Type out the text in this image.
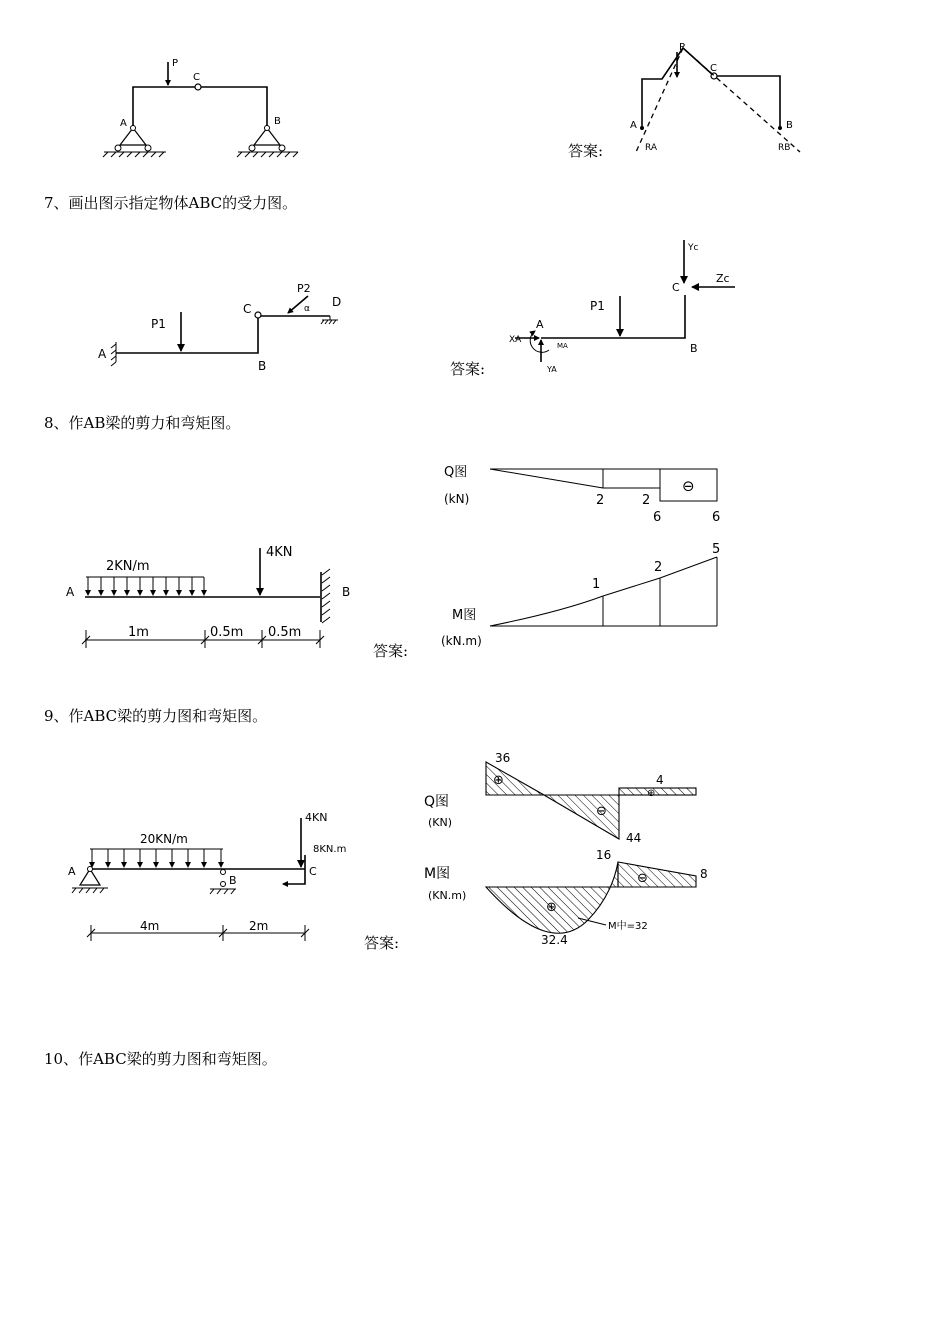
7、画出图示指定物体ABC的受力图。
8、作AB梁的剪力和弯矩图。
9、作ABC梁的剪力图和弯矩图。
10、作ABC梁的剪力图和弯矩图。
答案:
答案:
答案:
答案:
P
C
A	B
P
C
A	B
RA	RB
A
B
C	D
P1
P2
α
A
B
C
P1
XA
YA
MA
Yc
Zc
A	B
2KN/m
4KN
1m	0.5m 0.5m
Q图
(kN)
⊖
2	2
6	6
M图
(kN.m)
1
2
5
A
B
C
20KN/m
4KN
8KN.m
4m	2m
Q图
(KN)
36
44
4
⊕
⊖
⊕
M图
(KN.m)
16
8
32.4
M中=32
⊕
⊖
